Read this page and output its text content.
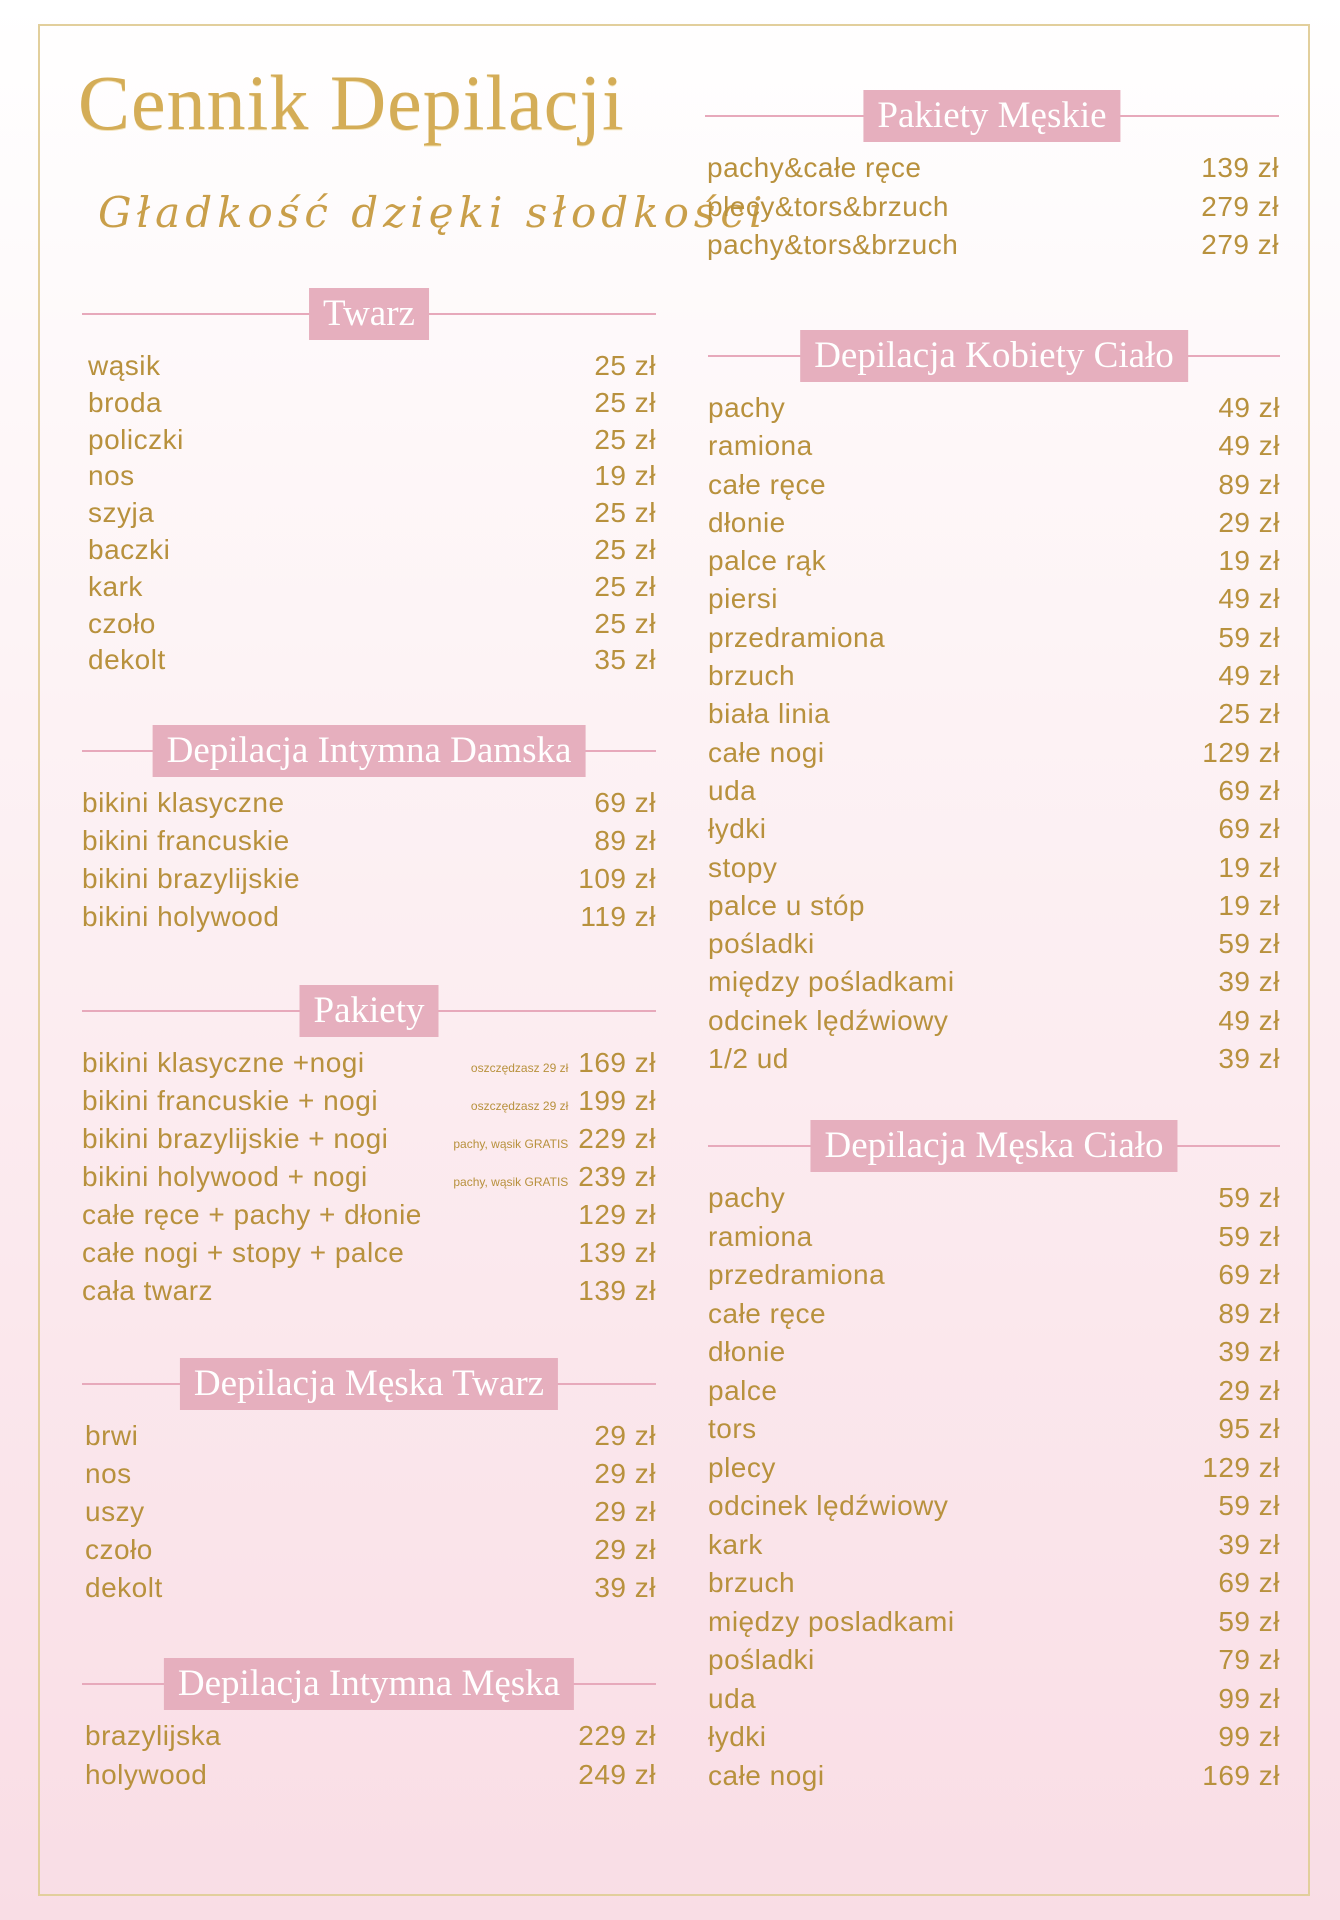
Cennik Depilacji
Gładkość dzięki słodkości
Twarz
wąsik	25 zł
broda	25 zł
policzki	25 zł
nos	19 zł
szyja	25 zł
baczki	25 zł
kark	25 zł
czoło	25 zł
dekolt	35 zł
Depilacja Intymna Damska
bikini klasyczne	69 zł
bikini francuskie	89 zł
bikini brazylijskie	109 zł
bikini holywood	119 zł
Pakiety
bikini klasyczne +nogi	oszczędzasz 29 zł 169 zł
bikini francuskie + nogi	oszczędzasz 29 zł 199 zł
bikini brazylijskie + nogi	pachy, wąsik GRATIS 229 zł
bikini holywood + nogi	pachy, wąsik GRATIS 239 zł
całe ręce + pachy + dłonie	129 zł
całe nogi + stopy + palce	139 zł
cała twarz	139 zł
Depilacja Męska Twarz
brwi	29 zł
nos	29 zł
uszy	29 zł
czoło	29 zł
dekolt	39 zł
Depilacja Intymna Męska
brazylijska	229 zł
holywood	249 zł
Pakiety Męskie
pachy&całe ręce	139 zł
plecy&tors&brzuch	279 zł
pachy&tors&brzuch	279 zł
Depilacja Kobiety Ciało
pachy	49 zł
ramiona	49 zł
całe ręce	89 zł
dłonie	29 zł
palce rąk	19 zł
piersi	49 zł
przedramiona	59 zł
brzuch	49 zł
biała linia	25 zł
całe nogi	129 zł
uda	69 zł
łydki	69 zł
stopy	19 zł
palce u stóp	19 zł
pośladki	59 zł
między pośladkami	39 zł
odcinek lędźwiowy	49 zł
1/2 ud	39 zł
Depilacja Męska Ciało
pachy	59 zł
ramiona	59 zł
przedramiona	69 zł
całe ręce	89 zł
dłonie	39 zł
palce	29 zł
tors	95 zł
plecy	129 zł
odcinek lędźwiowy	59 zł
kark	39 zł
brzuch	69 zł
między posladkami	59 zł
pośladki	79 zł
uda	99 zł
łydki	99 zł
całe nogi	169 zł
